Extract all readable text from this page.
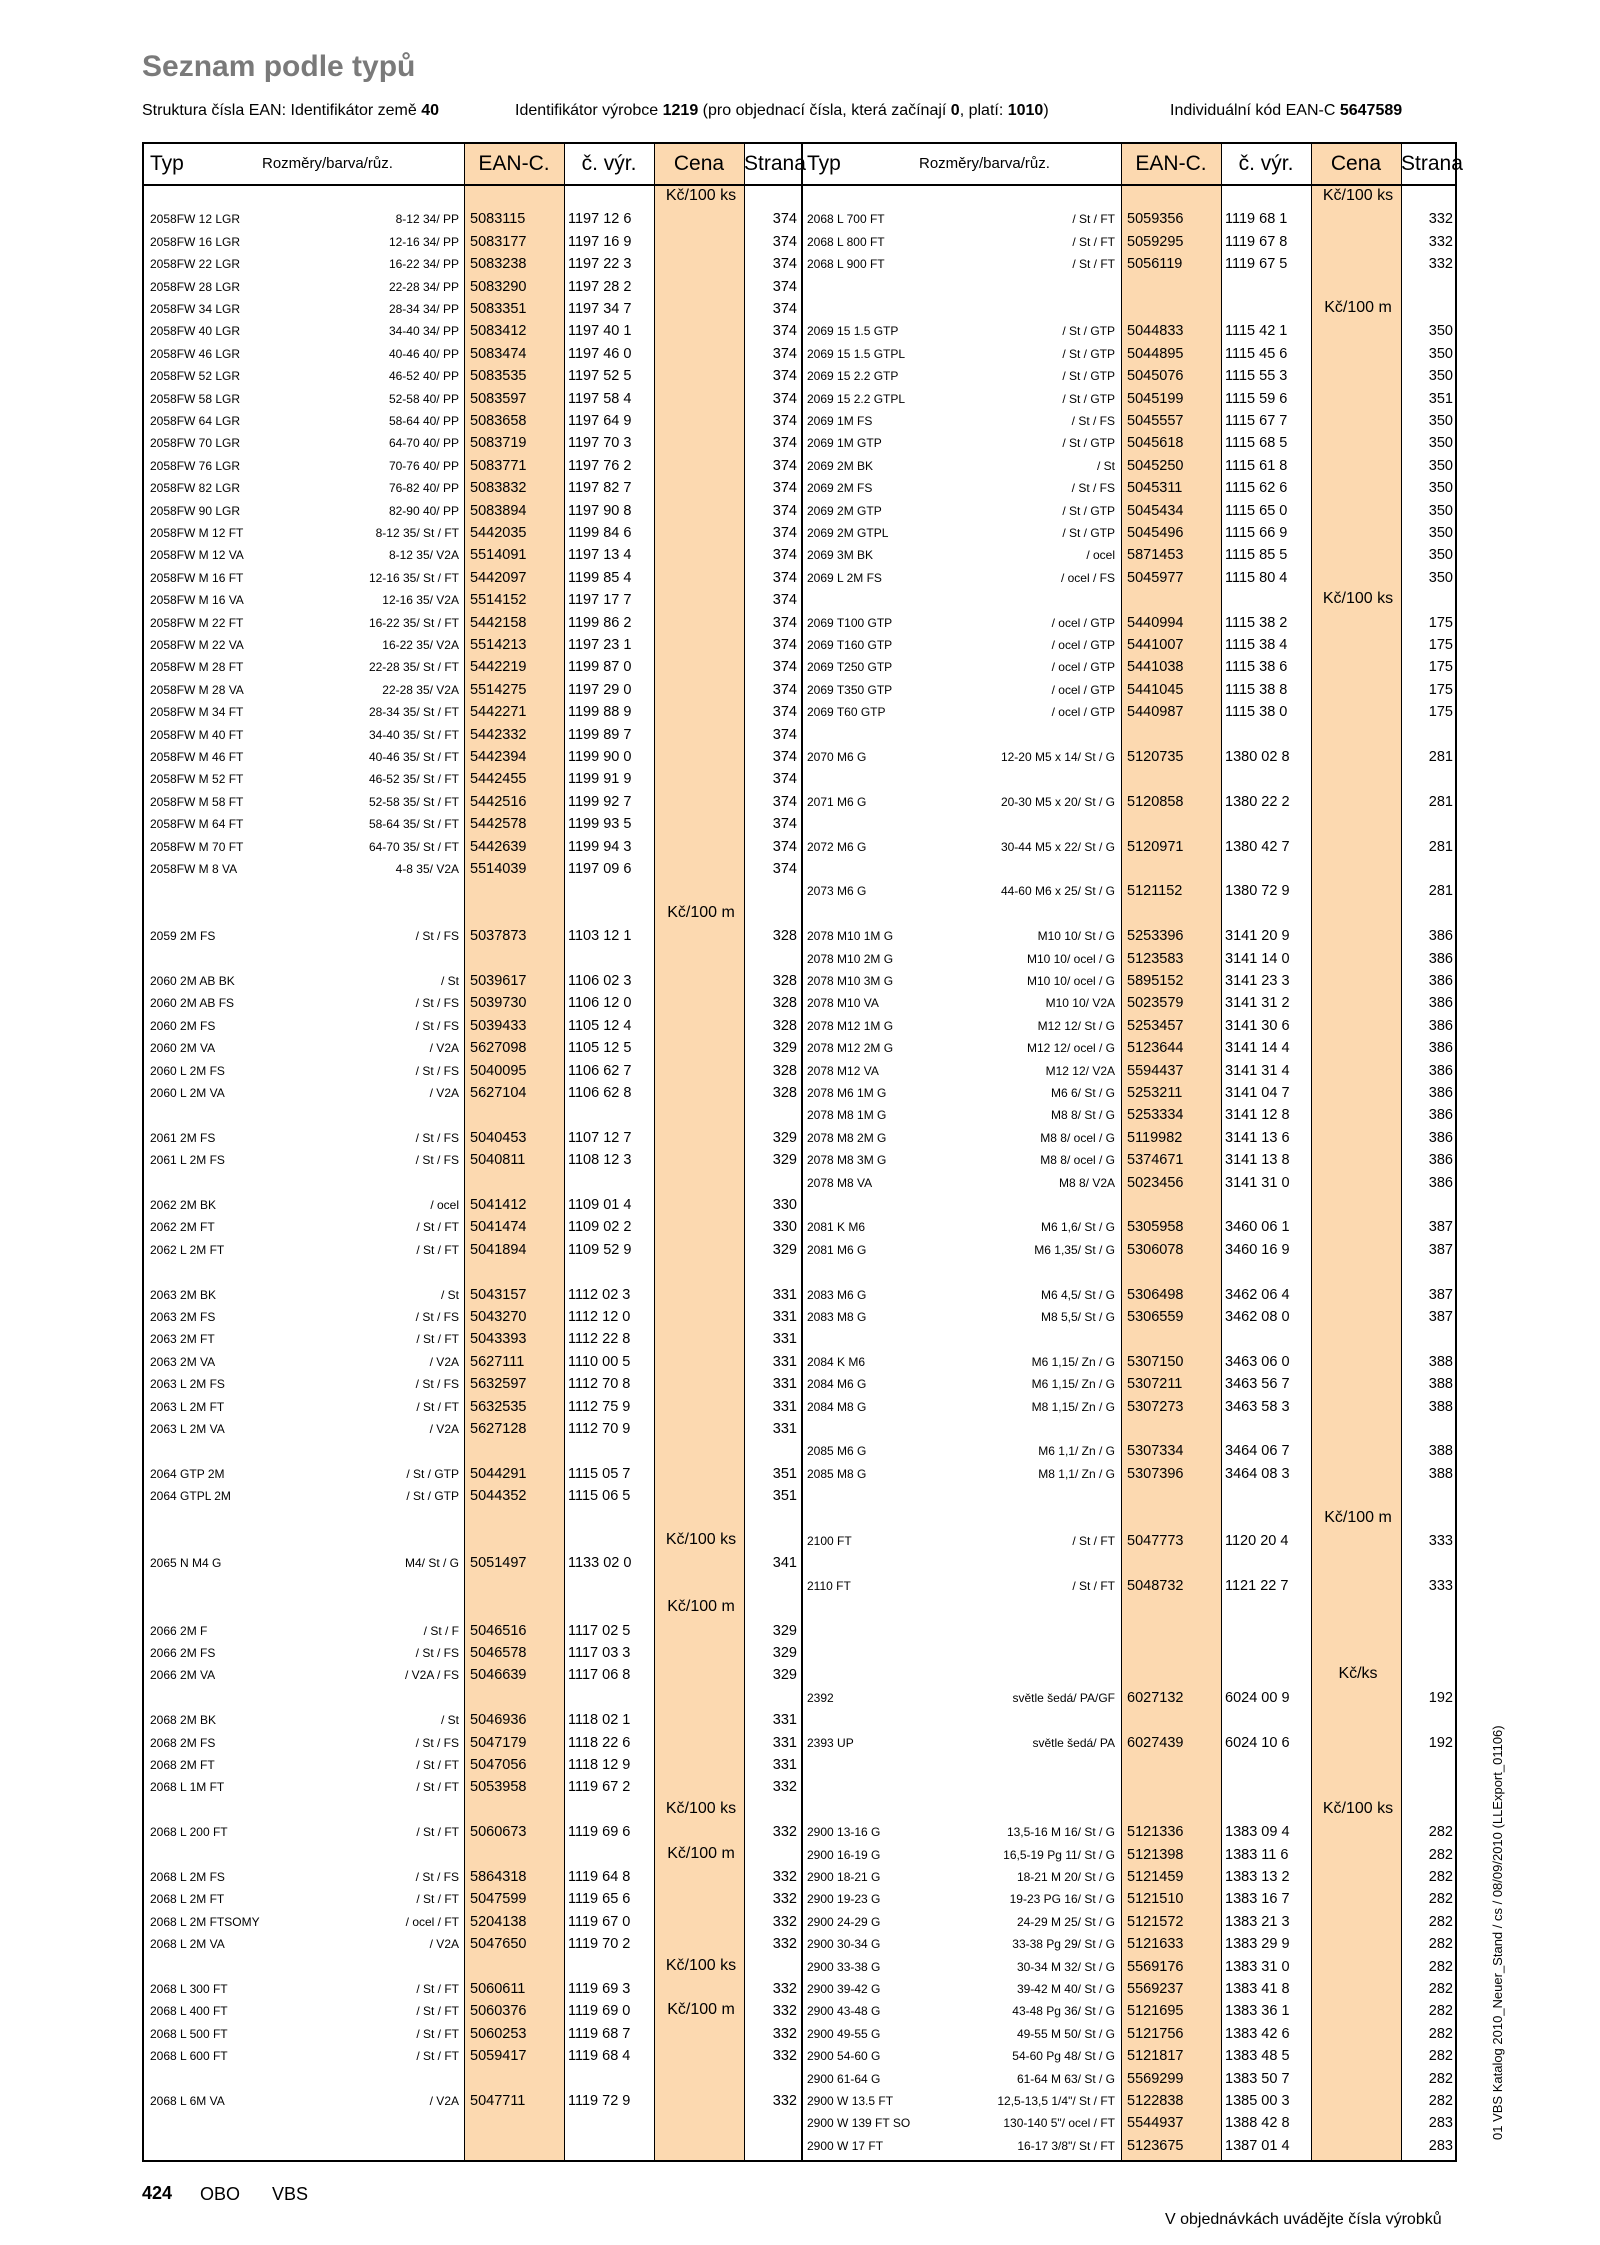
Seznam podle typů
Struktura čísla EAN: Identifikátor země 40	Identifikátor výrobce 1219 (pro objednací čísla, která začínají 0, platí: 1010)	Individuální kód EAN-C 5647589
Typ	Rozměry/barva/růz.	EAN-C.	č. výr.	Cena Strana
Kč/100 ks
Kč/100 m
Kč/100 ks
Kč/100 m
Kč/100 ks
Kč/100 m
Kč/100 ks
Kč/100 m
2058FW 12 LGR	8-12 34/ PP 5083115	1197 12 6	374
2058FW 16 LGR	12-16 34/ PP 5083177	1197 16 9	374
2058FW 22 LGR	16-22 34/ PP 5083238	1197 22 3	374
2058FW 28 LGR	22-28 34/ PP 5083290	1197 28 2	374
2058FW 34 LGR	28-34 34/ PP 5083351	1197 34 7	374
2058FW 40 LGR	34-40 34/ PP 5083412	1197 40 1	374
2058FW 46 LGR	40-46 40/ PP 5083474	1197 46 0	374
2058FW 52 LGR	46-52 40/ PP 5083535	1197 52 5	374
2058FW 58 LGR	52-58 40/ PP 5083597	1197 58 4	374
2058FW 64 LGR	58-64 40/ PP 5083658	1197 64 9	374
2058FW 70 LGR	64-70 40/ PP 5083719	1197 70 3	374
2058FW 76 LGR	70-76 40/ PP 5083771	1197 76 2	374
2058FW 82 LGR	76-82 40/ PP 5083832	1197 82 7	374
2058FW 90 LGR	82-90 40/ PP 5083894	1197 90 8	374
2058FW M 12 FT	8-12 35/ St / FT 5442035	1199 84 6	374
2058FW M 12 VA	8-12 35/ V2A 5514091	1197 13 4	374
2058FW M 16 FT	12-16 35/ St / FT 5442097	1199 85 4	374
2058FW M 16 VA	12-16 35/ V2A 5514152	1197 17 7	374
2058FW M 22 FT	16-22 35/ St / FT 5442158	1199 86 2	374
2058FW M 22 VA	16-22 35/ V2A 5514213	1197 23 1	374
2058FW M 28 FT	22-28 35/ St / FT 5442219	1199 87 0	374
2058FW M 28 VA	22-28 35/ V2A 5514275	1197 29 0	374
2058FW M 34 FT	28-34 35/ St / FT 5442271	1199 88 9	374
2058FW M 40 FT	34-40 35/ St / FT 5442332	1199 89 7	374
2058FW M 46 FT	40-46 35/ St / FT 5442394	1199 90 0	374
2058FW M 52 FT	46-52 35/ St / FT 5442455	1199 91 9	374
2058FW M 58 FT	52-58 35/ St / FT 5442516	1199 92 7	374
2058FW M 64 FT	58-64 35/ St / FT 5442578	1199 93 5	374
2058FW M 70 FT	64-70 35/ St / FT 5442639	1199 94 3	374
2058FW M 8 VA	4-8 35/ V2A 5514039	1197 09 6	374
2059 2M FS	/ St / FS 5037873	1103 12 1	328
2060 2M AB BK	/ St 5039617	1106 02 3	328
2060 2M AB FS	/ St / FS 5039730	1106 12 0	328
2060 2M FS	/ St / FS 5039433	1105 12 4	328
2060 2M VA	/ V2A 5627098	1105 12 5	329
2060 L 2M FS	/ St / FS 5040095	1106 62 7	328
2060 L 2M VA	/ V2A 5627104	1106 62 8	328
2061 2M FS	/ St / FS 5040453	1107 12 7	329
2061 L 2M FS	/ St / FS 5040811	1108 12 3	329
2062 2M BK	/ ocel 5041412	1109 01 4	330
2062 2M FT	/ St / FT 5041474	1109 02 2	330
2062 L 2M FT	/ St / FT 5041894	1109 52 9	329
2063 2M BK	/ St 5043157	1112 02 3	331
2063 2M FS	/ St / FS 5043270	1112 12 0	331
2063 2M FT	/ St / FT 5043393	1112 22 8	331
2063 2M VA	/ V2A 5627111	1110 00 5	331
2063 L 2M FS	/ St / FS 5632597	1112 70 8	331
2063 L 2M FT	/ St / FT 5632535	1112 75 9	331
2063 L 2M VA	/ V2A 5627128	1112 70 9	331
2064 GTP 2M	/ St / GTP 5044291	1115 05 7	351
2064 GTPL 2M	/ St / GTP 5044352	1115 06 5	351
2065 N M4 G	M4/ St / G 5051497	1133 02 0	341
2066 2M F	/ St / F 5046516	1117 02 5	329
2066 2M FS	/ St / FS 5046578	1117 03 3	329
2066 2M VA	/ V2A / FS 5046639	1117 06 8	329
2068 2M BK	/ St 5046936	1118 02 1	331
2068 2M FS	/ St / FS 5047179	1118 22 6	331
2068 2M FT	/ St / FT 5047056	1118 12 9	331
2068 L 1M FT	/ St / FT 5053958	1119 67 2	332
2068 L 200 FT	/ St / FT 5060673	1119 69 6	332
2068 L 2M FS	/ St / FS 5864318	1119 64 8	332
2068 L 2M FT	/ St / FT 5047599	1119 65 6	332
2068 L 2M FTSOMY	/ ocel / FT 5204138	1119 67 0	332
2068 L 2M VA	/ V2A 5047650	1119 70 2	332
2068 L 300 FT	/ St / FT 5060611	1119 69 3	332
2068 L 400 FT	/ St / FT 5060376	1119 69 0	332
2068 L 500 FT	/ St / FT 5060253	1119 68 7	332
2068 L 600 FT	/ St / FT 5059417	1119 68 4	332
2068 L 6M VA	/ V2A 5047711	1119 72 9	332
Typ	Rozměry/barva/růz.	EAN-C.	č. výr.	Cena Strana
Kč/100 ks
Kč/100 m
Kč/100 ks
Kč/100 m
Kč/ks
Kč/100 ks
2068 L 700 FT	/ St / FT 5059356	1119 68 1	332
2068 L 800 FT	/ St / FT 5059295	1119 67 8	332
2068 L 900 FT	/ St / FT 5056119	1119 67 5	332
2069 15 1.5 GTP	/ St / GTP 5044833	1115 42 1	350
2069 15 1.5 GTPL	/ St / GTP 5044895	1115 45 6	350
2069 15 2.2 GTP	/ St / GTP 5045076	1115 55 3	350
2069 15 2.2 GTPL	/ St / GTP 5045199	1115 59 6	351
2069 1M FS	/ St / FS 5045557	1115 67 7	350
2069 1M GTP	/ St / GTP 5045618	1115 68 5	350
2069 2M BK	/ St 5045250	1115 61 8	350
2069 2M FS	/ St / FS 5045311	1115 62 6	350
2069 2M GTP	/ St / GTP 5045434	1115 65 0	350
2069 2M GTPL	/ St / GTP 5045496	1115 66 9	350
2069 3M BK	/ ocel 5871453	1115 85 5	350
2069 L 2M FS	/ ocel / FS 5045977	1115 80 4	350
2069 T100 GTP	/ ocel / GTP 5440994	1115 38 2	175
2069 T160 GTP	/ ocel / GTP 5441007	1115 38 4	175
2069 T250 GTP	/ ocel / GTP 5441038	1115 38 6	175
2069 T350 GTP	/ ocel / GTP 5441045	1115 38 8	175
2069 T60 GTP	/ ocel / GTP 5440987	1115 38 0	175
2070 M6 G	12-20 M5 x 14/ St / G 5120735	1380 02 8	281
2071 M6 G	20-30 M5 x 20/ St / G 5120858	1380 22 2	281
2072 M6 G	30-44 M5 x 22/ St / G 5120971	1380 42 7	281
2073 M6 G	44-60 M6 x 25/ St / G 5121152	1380 72 9	281
2078 M10 1M G	M10 10/ St / G 5253396	3141 20 9	386
2078 M10 2M G	M10 10/ ocel / G 5123583	3141 14 0	386
2078 M10 3M G	M10 10/ ocel / G 5895152	3141 23 3	386
2078 M10 VA	M10 10/ V2A 5023579	3141 31 2	386
2078 M12 1M G	M12 12/ St / G 5253457	3141 30 6	386
2078 M12 2M G	M12 12/ ocel / G 5123644	3141 14 4	386
2078 M12 VA	M12 12/ V2A 5594437	3141 31 4	386
2078 M6 1M G	M6 6/ St / G 5253211	3141 04 7	386
2078 M8 1M G	M8 8/ St / G 5253334	3141 12 8	386
2078 M8 2M G	M8 8/ ocel / G 5119982	3141 13 6	386
2078 M8 3M G	M8 8/ ocel / G 5374671	3141 13 8	386
2078 M8 VA	M8 8/ V2A 5023456	3141 31 0	386
2081 K M6	M6 1,6/ St / G 5305958	3460 06 1	387
2081 M6 G	M6 1,35/ St / G 5306078	3460 16 9	387
2083 M6 G	M6 4,5/ St / G 5306498	3462 06 4	387
2083 M8 G	M8 5,5/ St / G 5306559	3462 08 0	387
2084 K M6	M6 1,15/ Zn / G 5307150	3463 06 0	388
2084 M6 G	M6 1,15/ Zn / G 5307211	3463 56 7	388
2084 M8 G	M8 1,15/ Zn / G 5307273	3463 58 3	388
2085 M6 G	M6 1,1/ Zn / G 5307334	3464 06 7	388
2085 M8 G	M8 1,1/ Zn / G 5307396	3464 08 3	388
2100 FT	/ St / FT 5047773	1120 20 4	333
2110 FT	/ St / FT 5048732	1121 22 7	333
2392	světle šedá/ PA/GF 6027132	6024 00 9	192
2393 UP	světle šedá/ PA 6027439	6024 10 6	192
2900 13-16 G	13,5-16 M 16/ St / G 5121336	1383 09 4	282
2900 16-19 G	16,5-19 Pg 11/ St / G 5121398	1383 11 6	282
2900 18-21 G	18-21 M 20/ St / G 5121459	1383 13 2	282
2900 19-23 G	19-23 PG 16/ St / G 5121510	1383 16 7	282
2900 24-29 G	24-29 M 25/ St / G 5121572	1383 21 3	282
2900 30-34 G	33-38 Pg 29/ St / G 5121633	1383 29 9	282
2900 33-38 G	30-34 M 32/ St / G 5569176	1383 31 0	282
2900 39-42 G	39-42 M 40/ St / G 5569237	1383 41 8	282
2900 43-48 G	43-48 Pg 36/ St / G 5121695	1383 36 1	282
2900 49-55 G	49-55 M 50/ St / G 5121756	1383 42 6	282
2900 54-60 G	54-60 Pg 48/ St / G 5121817	1383 48 5	282
2900 61-64 G	61-64 M 63/ St / G 5569299	1383 50 7	282
2900 W 13.5 FT	12,5-13,5 1/4"/ St / FT 5122838	1385 00 3	282
2900 W 139 FT SO	130-140 5"/ ocel / FT 5544937	1388 42 8	283
2900 W 17 FT	16-17 3/8"/ St / FT 5123675	1387 01 4	283
424 OBO VBS
V objednávkách uvádějte čísla výrobků
01 VBS Katalog 2010_Neuer_Stand / cs / 08/09/2010 (LLExport_01106)
